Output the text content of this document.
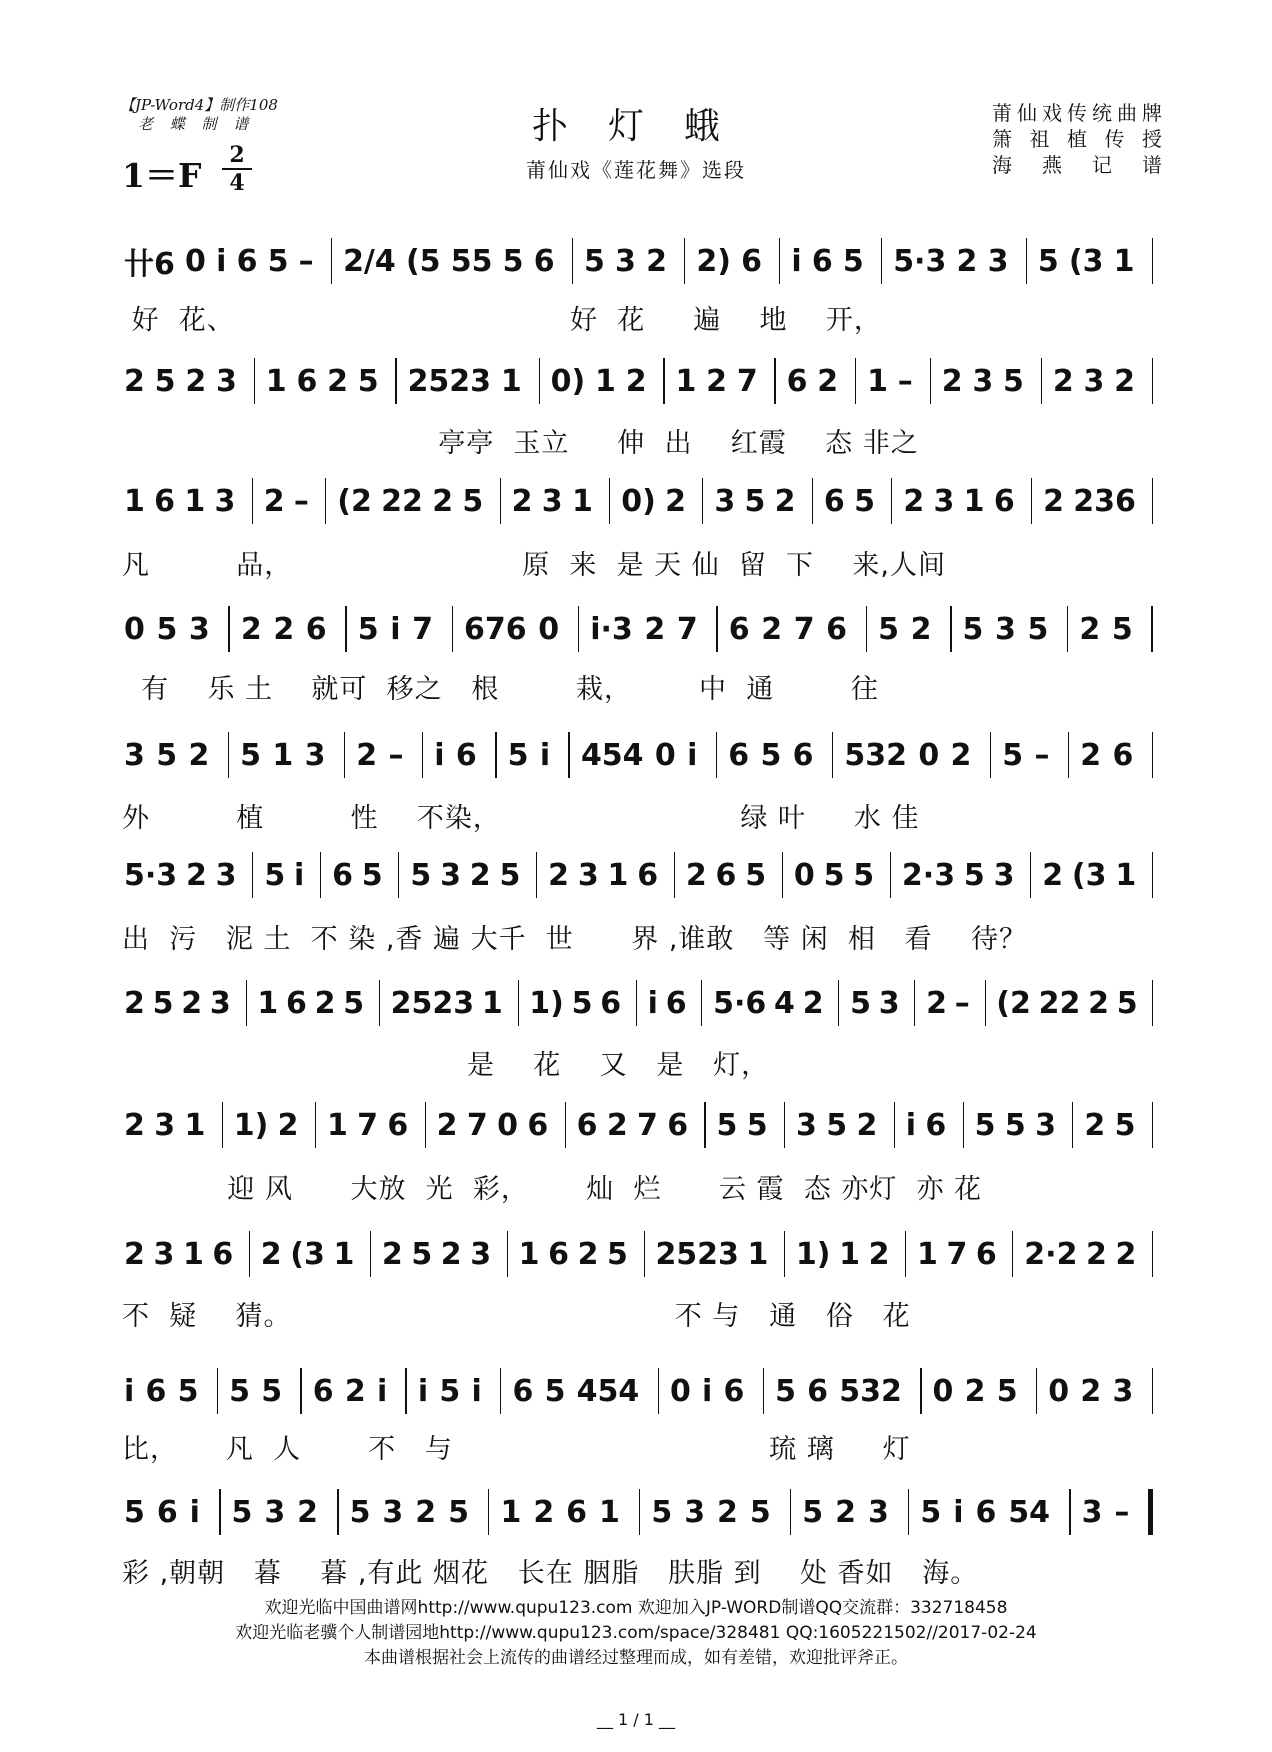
【JP-Word4】制作108
老 蝶 制 谱
$1=F \frac{2}{4}$
扑灯蛾
莆仙戏《莲花舞》选段
莆仙戏传统曲牌
箫祖植传授
海 燕 记 谱
卄6 0 i 6 5 – 2/4 (5 55 5 6 5 3 2 2) 6 i 6 5 5·3 2 3 5 (3 1
好  花、                                   好  花     遍    地    开，
2 5 2 3 1 6 2 5 2523 1 0) 1 2 1 2 7 6 2 1 – 2 3 5 2 3 2
亭亭  玉立     伸  出    红霞    态 非之
1 6 1 3 2 – (2 22 2 5 2 3 1 0) 2 3 5 2 6 5 2 3 1 6 2 236
凡         品，                        原  来  是 天 仙  留  下    来,人间
0 5 3 2 2 6 5 i 7 676 0 i·3 2 7 6 2 7 6 5 2 5 3 5 2 5
有    乐 土    就可  移之   根        栽，       中  通        往
3 5 2 5 1 3 2 – i 6 5 i 454 0 i 6 5 6 532 0 2 5 – 2 6
外         植         性    不染，                         绿 叶     水 佳
5·3 2 3 5 i 6 5 5 3 2 5 2 3 1 6 2 6 5 0 5 5 2·3 5 3 2 (3 1
出  污   泥 土  不 染 ,香 遍 大千  世      界 ,谁敢   等 闲  相   看    待？
2 5 2 3 1 6 2 5 2523 1 1) 5 6 i 6 5·6 4 2 5 3 2 – (2 22 2 5
是    花    又   是   灯，
2 3 1 1) 2 1 7 6 2 7 0 6 6 2 7 6 5 5 3 5 2 i 6 5 5 3 2 5
迎 风      大放  光  彩，      灿  烂      云 霞  态 亦灯  亦 花
2 3 1 6 2 (3 1 2 5 2 3 1 6 2 5 2523 1 1) 1 2 1 7 6 2·2 2 2
不  疑    猜。                                        不 与   通   俗   花
i 6 5 5 5 6 2 i i 5 i 6 5 454 0 i 6 5 6 532 0 2 5 0 2 3
比，     凡  人       不   与                                 琉 璃     灯
5 6 i 5 3 2 5 3 2 5 1 2 6 1 5 3 2 5 5 2 3 5 i 6 54 3 –
彩 ,朝朝   暮    暮 ,有此 烟花   长在 胭脂   肤脂 到    处 香如   海。
欢迎光临中国曲谱网http://www.qupu123.com 欢迎加入JP-WORD制谱QQ交流群：332718458
欢迎光临老骥个人制谱园地http://www.qupu123.com/space/328481 QQ:1605221502//2017-02-24
本曲谱根据社会上流传的曲谱经过整理而成，如有差错，欢迎批评斧正。
__ 1 / 1 __
